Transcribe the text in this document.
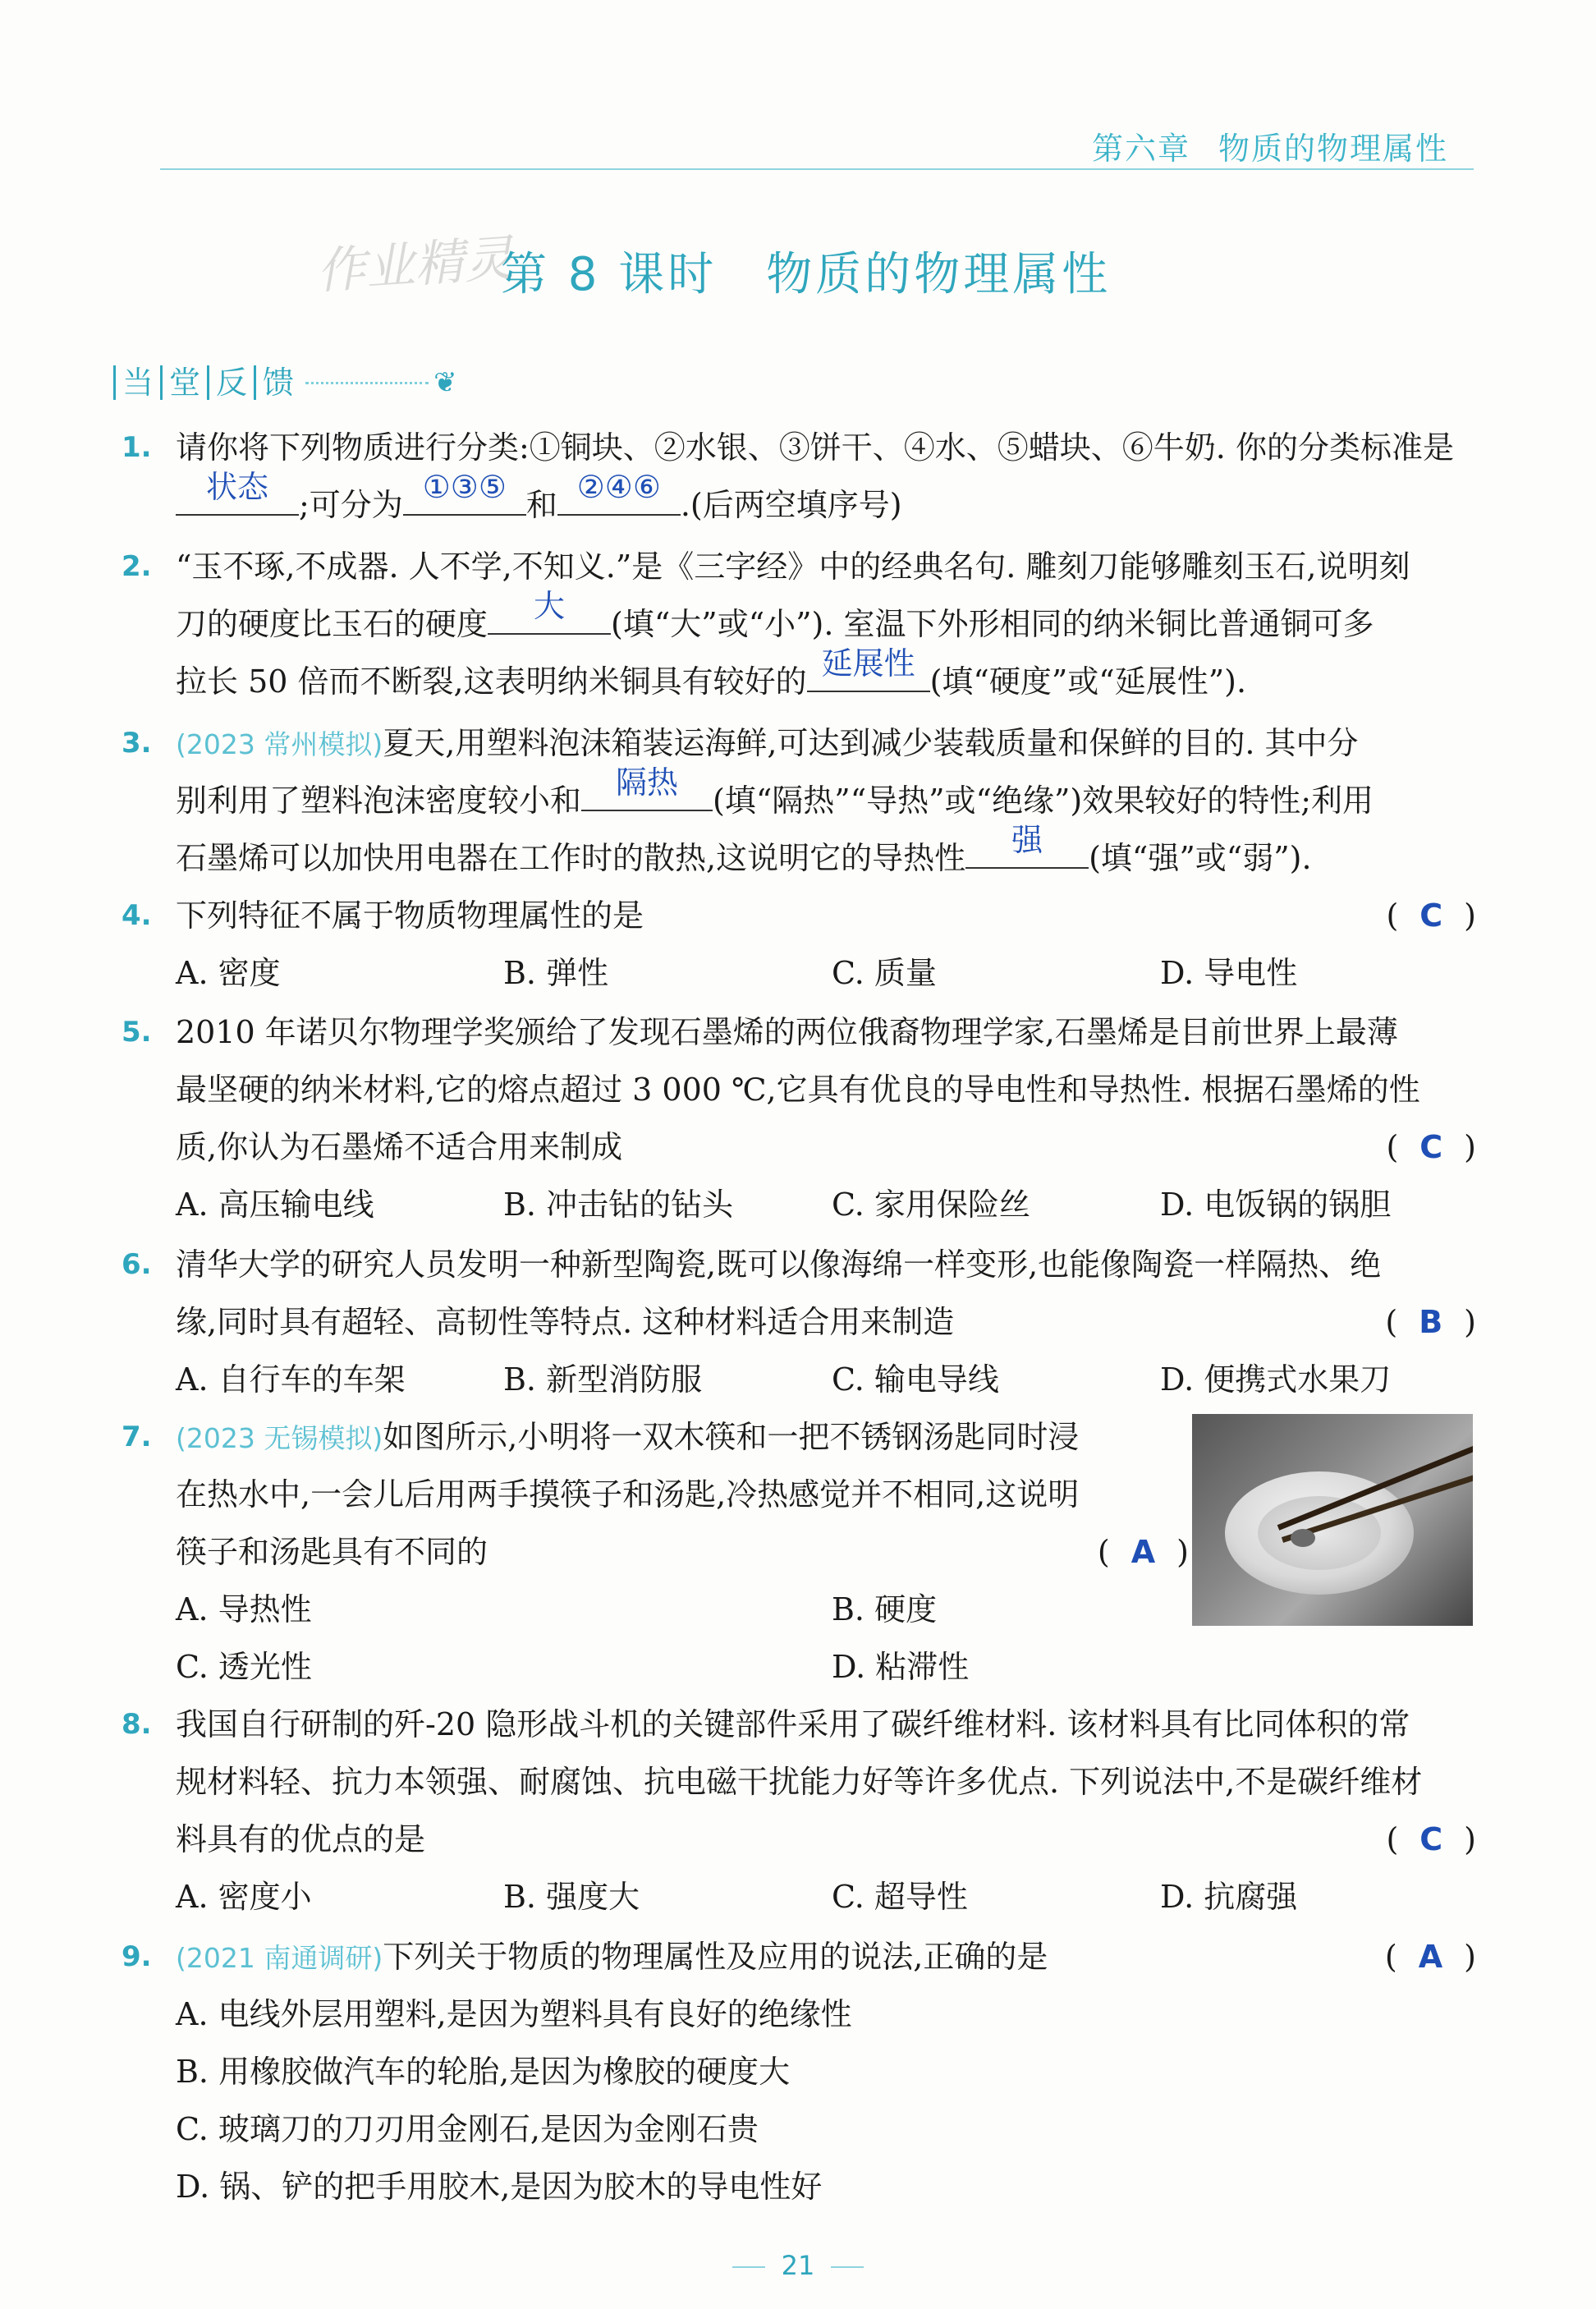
第六章 物质的物理属性
作业精灵
第 8 课时 物质的物理属性
当 堂 反 馈	❦
1. 请你将下列物质进行分类:①铜块、②水银、③饼干、④水、⑤蜡块、⑥牛奶. 你的分类标准是
状态 ;可分为 ①③⑤ 和 ②④⑥ .(后两空填序号)
2. “玉不琢,不成器. 人不学,不知义.”是《三字经》中的经典名句. 雕刻刀能够雕刻玉石,说明刻
刀的硬度比玉石的硬度	大	(填“大”或“小”). 室温下外形相同的纳米铜比普通铜可多
拉长 50 倍而不断裂,这表明纳米铜具有较好的 延展性 (填“硬度”或“延展性”).
3. (2023 常州模拟)夏天,用塑料泡沫箱装运海鲜,可达到减少装载质量和保鲜的目的. 其中分
别利用了塑料泡沫密度较小和	隔热	(填“隔热”“导热”或“绝缘”)效果较好的特性;利用
石墨烯可以加快用电器在工作时的散热,这说明它的导热性	强	(填“强”或“弱”).
4. 下列特征不属于物质物理属性的是	( C )
A. 密度	B. 弹性	C. 质量	D. 导电性
5. 2010 年诺贝尔物理学奖颁给了发现石墨烯的两位俄裔物理学家,石墨烯是目前世界上最薄
最坚硬的纳米材料,它的熔点超过 3 000 ℃,它具有优良的导电性和导热性. 根据石墨烯的性
质,你认为石墨烯不适合用来制成	( C )
A. 高压输电线	B. 冲击钻的钻头	C. 家用保险丝	D. 电饭锅的锅胆
6. 清华大学的研究人员发明一种新型陶瓷,既可以像海绵一样变形,也能像陶瓷一样隔热、绝
缘,同时具有超轻、高韧性等特点. 这种材料适合用来制造	( B )
A. 自行车的车架	B. 新型消防服	C. 输电导线	D. 便携式水果刀
7. (2023 无锡模拟)如图所示,小明将一双木筷和一把不锈钢汤匙同时浸
在热水中,一会儿后用两手摸筷子和汤匙,冷热感觉并不相同,这说明
筷子和汤匙具有不同的	( A )
A. 导热性	B. 硬度
C. 透光性	D. 粘滞性
8. 我国自行研制的歼-20 隐形战斗机的关键部件采用了碳纤维材料. 该材料具有比同体积的常
规材料轻、抗力本领强、耐腐蚀、抗电磁干扰能力好等许多优点. 下列说法中,不是碳纤维材
料具有的优点的是	( C )
A. 密度小	B. 强度大	C. 超导性	D. 抗腐强
9. (2021 南通调研)下列关于物质的物理属性及应用的说法,正确的是	( A )
A. 电线外层用塑料,是因为塑料具有良好的绝缘性
B. 用橡胶做汽车的轮胎,是因为橡胶的硬度大
C. 玻璃刀的刀刃用金刚石,是因为金刚石贵
D. 锅、铲的把手用胶木,是因为胶木的导电性好
21
